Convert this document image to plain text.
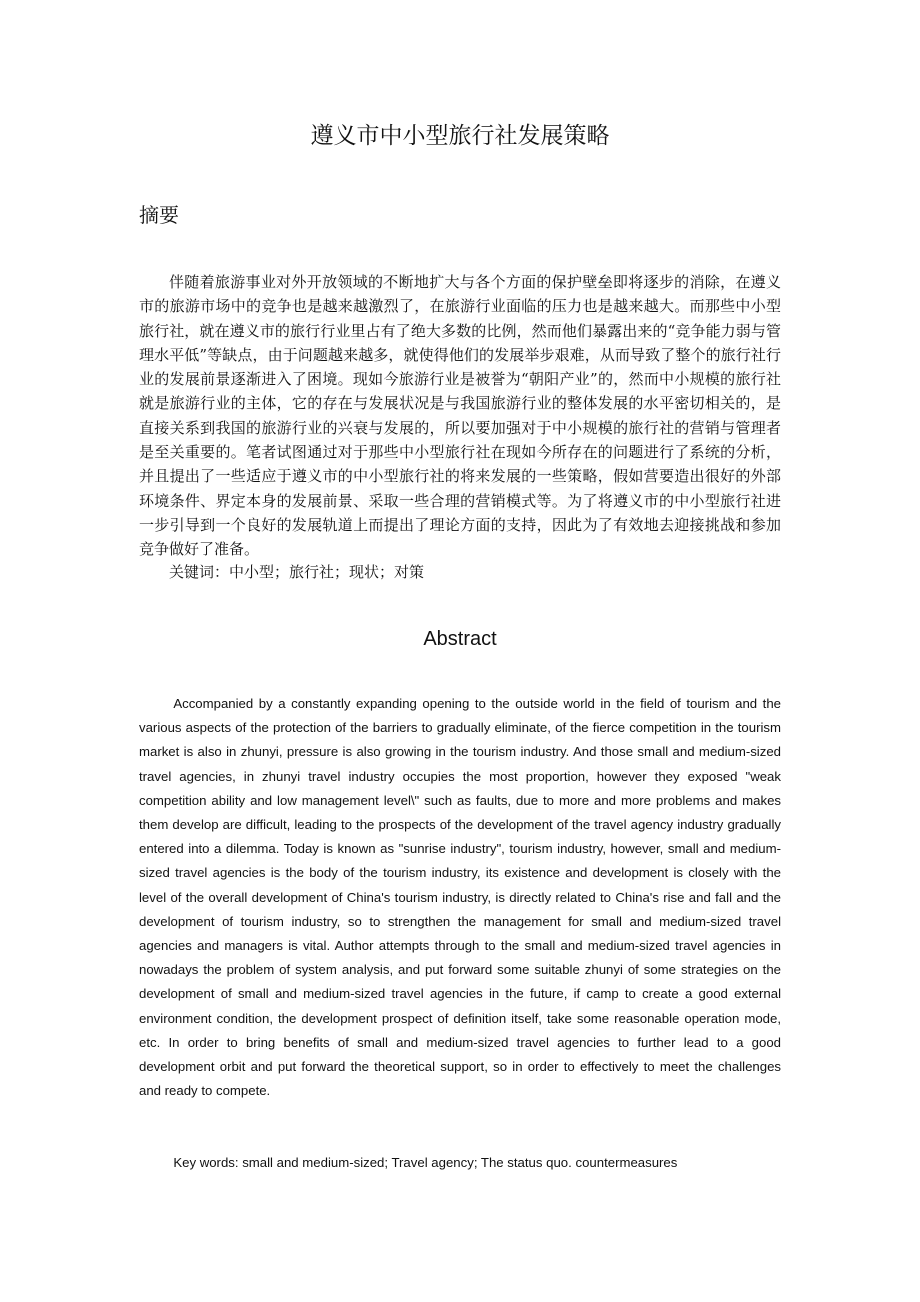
遵义市中小型旅行社发展策略
摘要

伴随着旅游事业对外开放领域的不断地扩大与各个方面的保护壁垒即将逐步的消除，在遵义市的旅游市场中的竞争也是越来越激烈了，在旅游行业面临的压力也是越来越大。而那些中小型旅行社，就在遵义市的旅行行业里占有了绝大多数的比例，然而他们暴露出来的“竞争能力弱与管理水平低”等缺点，由于问题越来越多，就使得他们的发展举步艰难，从而导致了整个的旅行社行业的发展前景逐渐进入了困境。现如今旅游行业是被誉为“朝阳产业”的，然而中小规模的旅行社就是旅游行业的主体，它的存在与发展状况是与我国旅游行业的整体发展的水平密切相关的，是直接关系到我国的旅游行业的兴衰与发展的，所以要加强对于中小规模的旅行社的营销与管理者是至关重要的。笔者试图通过对于那些中小型旅行社在现如今所存在的问题进行了系统的分析，并且提出了一些适应于遵义市的中小型旅行社的将来发展的一些策略，假如营要造出很好的外部环境条件、界定本身的发展前景、采取一些合理的营销模式等。为了将遵义市的中小型旅行社进一步引导到一个良好的发展轨道上而提出了理论方面的支持，因此为了有效地去迎接挑战和参加竞争做好了准备。

关键词：中小型；旅行社；现状；对策

Abstract

Accompanied by a constantly expanding opening to the outside world in the field of tourism and the various aspects of the protection of the barriers to gradually eliminate, of the fierce competition in the tourism market is also in zhunyi, pressure is also growing in the tourism industry. And those small and medium-sized travel agencies, in zhunyi travel industry occupies the most proportion, however they exposed "weak competition ability and low management level\" such as faults, due to more and more problems and makes them develop are difficult, leading to the prospects of the development of the travel agency industry gradually entered into a dilemma. Today is known as "sunrise industry", tourism industry, however, small and medium-sized travel agencies is the body of the tourism industry, its existence and development is closely with the level of the overall development of China's tourism industry, is directly related to China's rise and fall and the development of tourism industry, so to strengthen the management for small and medium-sized travel agencies and managers is vital. Author attempts through to the small and medium-sized travel agencies in nowadays the problem of system analysis, and put forward some suitable zhunyi of some strategies on the development of small and medium-sized travel agencies in the future, if camp to create a good external environment condition, the development prospect of definition itself, take some reasonable operation mode, etc. In order to bring benefits of small and medium-sized travel agencies to further lead to a good development orbit and put forward the theoretical support, so in order to effectively to meet the challenges and ready to compete.

Key words: small and medium-sized; Travel agency; The status quo. countermeasures
